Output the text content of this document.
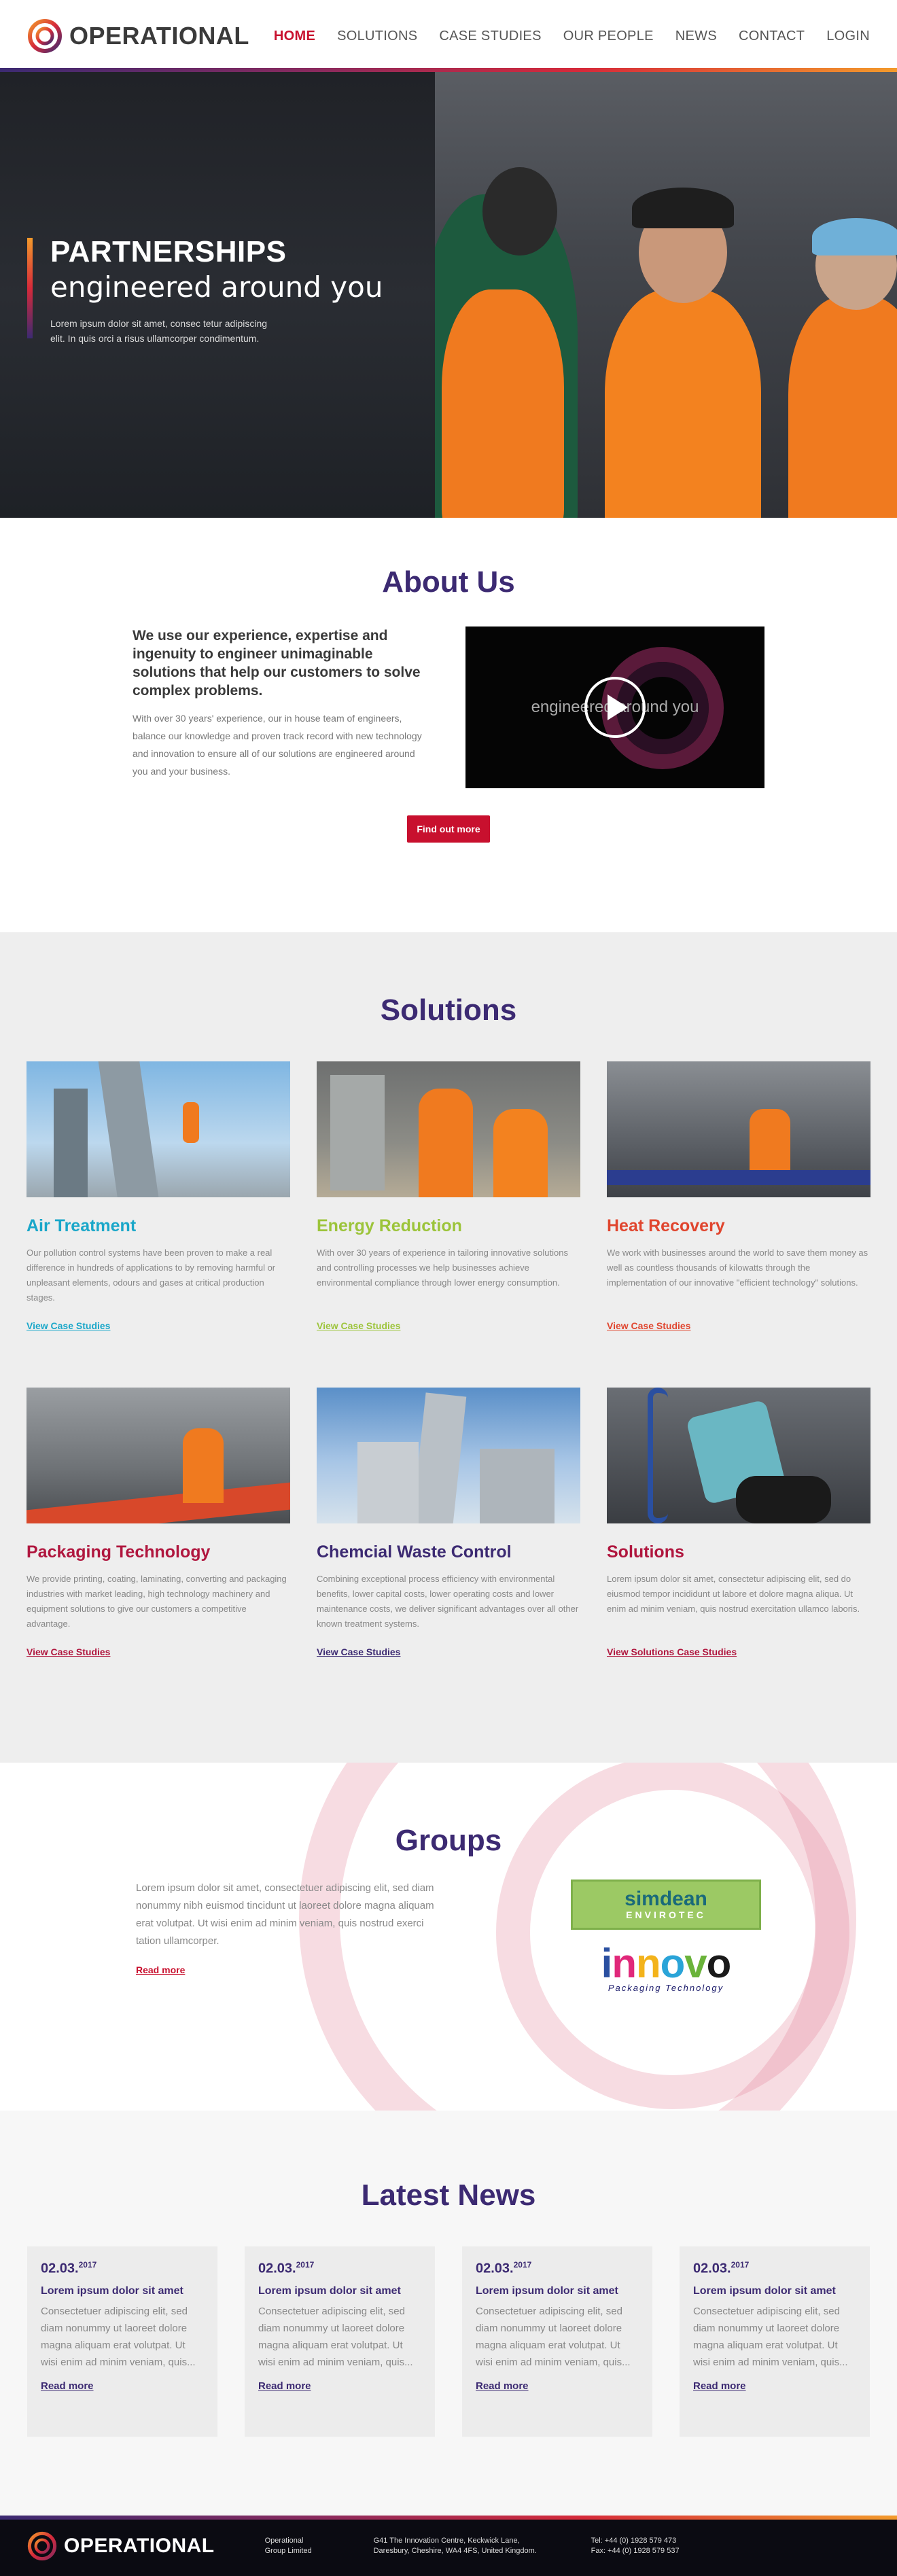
OPERATIONAL HOME SOLUTIONS CASE STUDIES OUR PEOPLE NEWS CONTACT LOGIN
PARTNERSHIPS
engineered around you

Lorem ipsum dolor sit amet, consec tetur adipiscing elit. In quis orci a risus ullamcorper condimentum.

About Us

We use our experience, expertise and ingenuity to engineer unimaginable solutions that help our customers to solve complex problems.

With over 30 years' experience, our in house team of engineers, balance our knowledge and proven track record with new technology and innovation to ensure all of our solutions are engineered around you and your business.

engineered around you
Find out more
Solutions
Air Treatment

Our pollution control systems have been proven to make a real difference in hundreds of applications to by removing harmful or unpleasant elements, odours and gases at critical production stages.

View Case Studies
Energy Reduction

With over 30 years of experience in tailoring innovative solutions and controlling processes we help businesses achieve environmental compliance through lower energy consumption.

View Case Studies
Heat Recovery

We work with businesses around the world to save them money as well as countless thousands of kilowatts through the implementation of our innovative "efficient technology" solutions.

View Case Studies
Packaging Technology

We provide printing, coating, laminating, converting and packaging industries with market leading, high technology machinery and equipment solutions to give our customers a competitive advantage.

View Case Studies
Chemcial Waste Control

Combining exceptional process efficiency with environmental benefits, lower capital costs, lower operating costs and lower maintenance costs, we deliver significant advantages over all other known treatment systems.

View Case Studies
Solutions

Lorem ipsum dolor sit amet, consectetur adipiscing elit, sed do eiusmod tempor incididunt ut labore et dolore magna aliqua. Ut enim ad minim veniam, quis nostrud exercitation ullamco laboris.

View Solutions Case Studies
Groups

Lorem ipsum dolor sit amet, consectetuer adipiscing elit, sed diam nonummy nibh euismod tincidunt ut laoreet dolore magna aliquam erat volutpat. Ut wisi enim ad minim veniam, quis nostrud exerci tation ullamcorper.

Read more
simdean
ENVIROTEC
innovo
Packaging Technology
Latest News
02.03.$^{2017}$
Lorem ipsum dolor sit amet

Consectetuer adipiscing elit, sed diam nonummy ut laoreet dolore magna aliquam erat volutpat. Ut wisi enim ad minim veniam, quis...

Read more
02.03.$^{2017}$
Lorem ipsum dolor sit amet

Consectetuer adipiscing elit, sed diam nonummy ut laoreet dolore magna aliquam erat volutpat. Ut wisi enim ad minim veniam, quis...

Read more
02.03.$^{2017}$
Lorem ipsum dolor sit amet

Consectetuer adipiscing elit, sed diam nonummy ut laoreet dolore magna aliquam erat volutpat. Ut wisi enim ad minim veniam, quis...

Read more
02.03.$^{2017}$
Lorem ipsum dolor sit amet

Consectetuer adipiscing elit, sed diam nonummy ut laoreet dolore magna aliquam erat volutpat. Ut wisi enim ad minim veniam, quis...

Read more
OPERATIONAL	Operational Group Limited
G41 The Innovation Centre, Keckwick Lane, Daresbury, Cheshire, WA4 4FS, United Kingdom.
Tel: +44 (0) 1928 579 473
Fax: +44 (0) 1928 579 537
